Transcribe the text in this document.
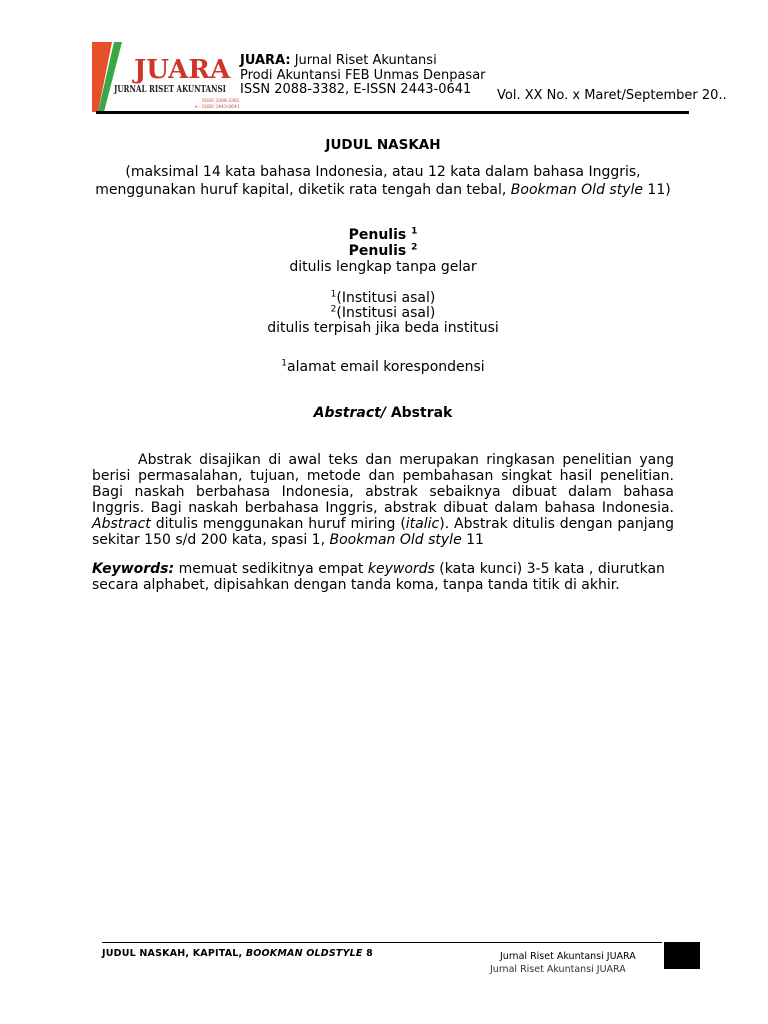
JUARA
JURNAL RISET AKUNTANSI
ISSN 2088-3382
e - ISSN 2443-0641
JUARA: Jurnal Riset Akuntansi
Prodi Akuntansi FEB Unmas Denpasar
ISSN 2088-3382, E-ISSN 2443-0641 Vol. XX No. x Maret/September 20..
JUDUL NASKAH
(maksimal 14 kata bahasa Indonesia, atau 12 kata dalam bahasa Inggris, menggunakan huruf kapital, diketik rata tengah dan tebal, Bookman Old style 11)
Penulis $^1$
Penulis $^2$
ditulis lengkap tanpa gelar
$^1$(Institusi asal)
$^2$(Institusi asal)
ditulis terpisah jika beda institusi
$^1$alamat email korespondensi
Abstract/ Abstrak
Abstrak disajikan di awal teks dan merupakan ringkasan penelitian yang berisi permasalahan, tujuan, metode dan pembahasan singkat hasil penelitian. Bagi naskah berbahasa Indonesia, abstrak sebaiknya dibuat dalam bahasa Inggris. Bagi naskah berbahasa Inggris, abstrak dibuat dalam bahasa Indonesia. Abstract ditulis menggunakan huruf miring (italic). Abstrak ditulis dengan panjang sekitar 150 s/d 200 kata, spasi 1, Bookman Old style 11
Keywords: memuat sedikitnya empat keywords (kata kunci) 3-5 kata , diurutkan secara alphabet, dipisahkan dengan tanda koma, tanpa tanda titik di akhir.
JUDUL NASKAH, KAPITAL, BOOKMAN OLDSTYLE 8	Jurnal Riset Akuntansi JUARA
Jurnal Riset Akuntansi JUARA
